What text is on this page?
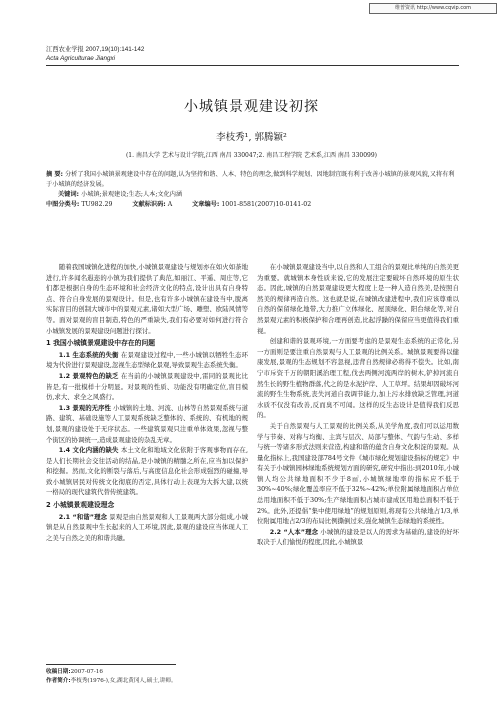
维普资讯 http://www.cqvip.com
江西农业学报 2007,19(10):141-142
Acta Agriculturae Jiangxi
小城镇景观建设初探
李枝秀¹, 郭腾颖²
(1. 南昌大学 艺术与设计学院,江西 南昌 330047;2. 南昌工程学院 艺术系,江西 南昌 330099)
摘 要: 分析了我国小城镇景观建设中存在的问题,认为坚持和谐、人本、特色的理念,做到科学规划、因地制宜既有利于改善小城镇的景观风貌,又将有利于小城镇的经济发展。
关键词: 小城镇;景观建设;生态;人本;文化内涵
中图分类号: TU982.29	文献标识码: A	文章编号: 1001-8581(2007)10-0141-02

随着我国城镇化进程的加快,小城镇景观建设与规划亦在如火如荼地进行,许多闻名遐迩的小镇为我们提供了典范,如丽江、平遥、周庄等,它们都是根据自身的生态环境和社会经济文化的特点,设计出具有自身特点、符合自身发展的景观设计。但是,也有许多小城镇在建设当中,脱离实际盲目的创制大城市中的景观元素,诸如大型广场、雕塑、欧陆风情等等。面对景观的盲目制造,特色的严重缺失,我们有必要对如何进行符合小城镇发展的景观建设问题进行探讨。

1 我国小城镇景观建设中存在的问题

1.1 生态系统的失衡 在景观建设过程中,一些小城镇以牺牲生态环境为代价进行景观建设,忽视生态型绿化景观,导致景观生态系统失衡。

1.2 景观特色的缺乏 在当前的小城镇景观建设中,雷同的景观比比皆是,有一批模样十分明显。对景观的性质、功能没有明确定位,盲目模仿,求大、求全之风盛行。

1.3 景观的无序性 小城镇的土地、河流、山林等自然景观系统与道路、建筑、基础设施等人工景观系统缺乏整体的、系统的、有机地的规划,景观的建设处于无序状态。一些建筑景观只注重单体效果,忽视与整个街区的协调统一,造成景观建设的杂乱无章。

1.4 文化内涵的缺失 本土文化和地域文化依附于客观事物而存在,是人们长期社会交往活动的结晶,是小城镇的精髓之所在,应当加以保护和挖掘。然而,文化的断裂与落后,与高度信息化社会形成强烈的碰撞,导致小城镇居民对传统文化彻底的否定,具体行动上表现为大拆大建,以统一格局的现代建筑代替传统建筑。

2 小城镇景观建设理念

2.1 “和谐”理念 景观是由自然景观和人工景观两大部分组成,小城镇是从自然景观中生长起来的人工环境,因此,景观的建设应当体现人工之美与自然之美的和谐共融。

在小城镇景观建设当中,以自然和人工组合的景观比单纯的自然美更为重要。就城镇本身性质来说,它的发展注定要破坏自然环境的原生状态。因此,城镇的自然景观建设更大程度上是一种人造自然美,是按照自然美的规律再造自然。这也就是说,在城镇改建进程中,我们应该尊重以自然的保留绿化地带,大力推广立体绿化、屋顶绿化、阳台绿化等,对自然景观元素的积极保护和合理再创造,比起浮躁的保留应当更值得我们重视。

创建和谐的景观环境,一方面要考虑的是景观生态系统的正常化,另一方面则是要注重自然景观与人工景观的比例关系。城镇景观要得以健康发展,景观的生态规划不容忽视,违背自然规律必将得不偿失。比如,南宁市斥资千万的朝阳溪治理工程,伐去两侧河流两岸的树木,铲掉河流自然生长的野生植物群落,代之的是水泥护岸、人工草坪。结果却因破坏河流的野生生物系统,丧失河道自我调节能力,加上污水排放缺乏管理,河道水质不仅没有改善,反而臭不可闻。这样的反生态设计是值得我们反思的。

关于自然景观与人工景观的比例关系,从美学角度,我们可以运用数学与节奏、对称与均衡、主宾与层次、局部与整体、气韵与生动、多样与统一等诸多形式法则来营造,构建和谐的蕴含自身文化积淀的景观。从量化指标上,我国建设部784号文件《城市绿化规划建设指标的规定》中有关于小城镇园林绿地系统规划方面的研究,研究中指出:到2010年,小城镇人均公共绿地面积不少于8㎡,小城镇绿地率的指标应不低于30%~40%;绿化覆盖率应不低于32%~42%;单位附属绿地面积占单位总用地面积不低于30%;生产绿地面积占城市建成区用地总面积不低于2%。此外,还提倡“集中使用绿地”的规划原则,将现有公共绿地占1/3,单位附属用地占2/3的布局比例撕倒过来,强化城镇生态绿地的系统性。

2.2 “人本”理念 小城镇的建设是以人的需求为基础的,建设的好坏取决于人们愉悦的程度,因此,小城镇景

收稿日期:2007-07-16
作者简介:李枝秀(1976-),女,湖北黄冈人,硕士,讲师。
